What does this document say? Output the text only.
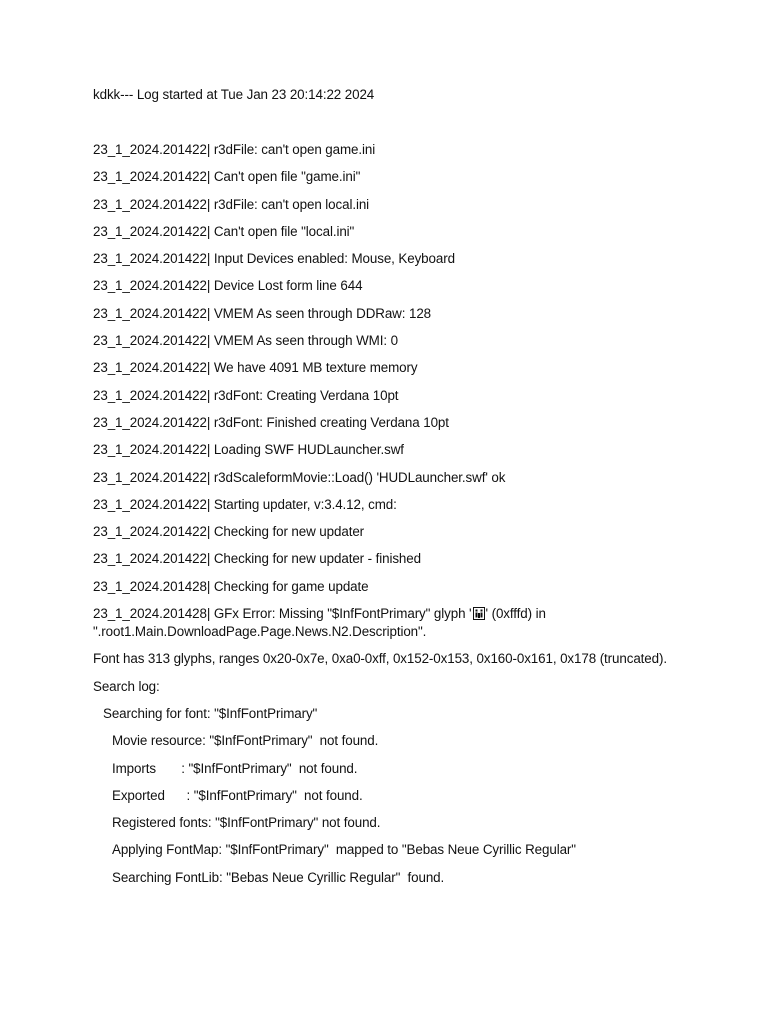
kdkk--- Log started at Tue Jan 23 20:14:22 2024

23_1_2024.201422| r3dFile: can't open game.ini

23_1_2024.201422| Can't open file "game.ini"

23_1_2024.201422| r3dFile: can't open local.ini

23_1_2024.201422| Can't open file "local.ini"

23_1_2024.201422| Input Devices enabled: Mouse, Keyboard

23_1_2024.201422| Device Lost form line 644

23_1_2024.201422| VMEM As seen through DDRaw: 128

23_1_2024.201422| VMEM As seen through WMI: 0

23_1_2024.201422| We have 4091 MB texture memory

23_1_2024.201422| r3dFont: Creating Verdana 10pt

23_1_2024.201422| r3dFont: Finished creating Verdana 10pt

23_1_2024.201422| Loading SWF HUDLauncher.swf

23_1_2024.201422| r3dScaleformMovie::Load() 'HUDLauncher.swf' ok

23_1_2024.201422| Starting updater, v:3.4.12, cmd:

23_1_2024.201422| Checking for new updater

23_1_2024.201422| Checking for new updater - finished

23_1_2024.201428| Checking for game update

23_1_2024.201428| GFx Error: Missing "$InfFontPrimary" glyph ' ' (0xfffd) in
".root1.Main.DownloadPage.Page.News.N2.Description".

Font has 313 glyphs, ranges 0x20-0x7e, 0xa0-0xff, 0x152-0x153, 0x160-0x161, 0x178 (truncated).

Search log:

Searching for font: "$InfFontPrimary"

Movie resource: "$InfFontPrimary"  not found.

Imports       : "$InfFontPrimary"  not found.

Exported      : "$InfFontPrimary"  not found.

Registered fonts: "$InfFontPrimary" not found.

Applying FontMap: "$InfFontPrimary"  mapped to "Bebas Neue Cyrillic Regular"

Searching FontLib: "Bebas Neue Cyrillic Regular"  found.
